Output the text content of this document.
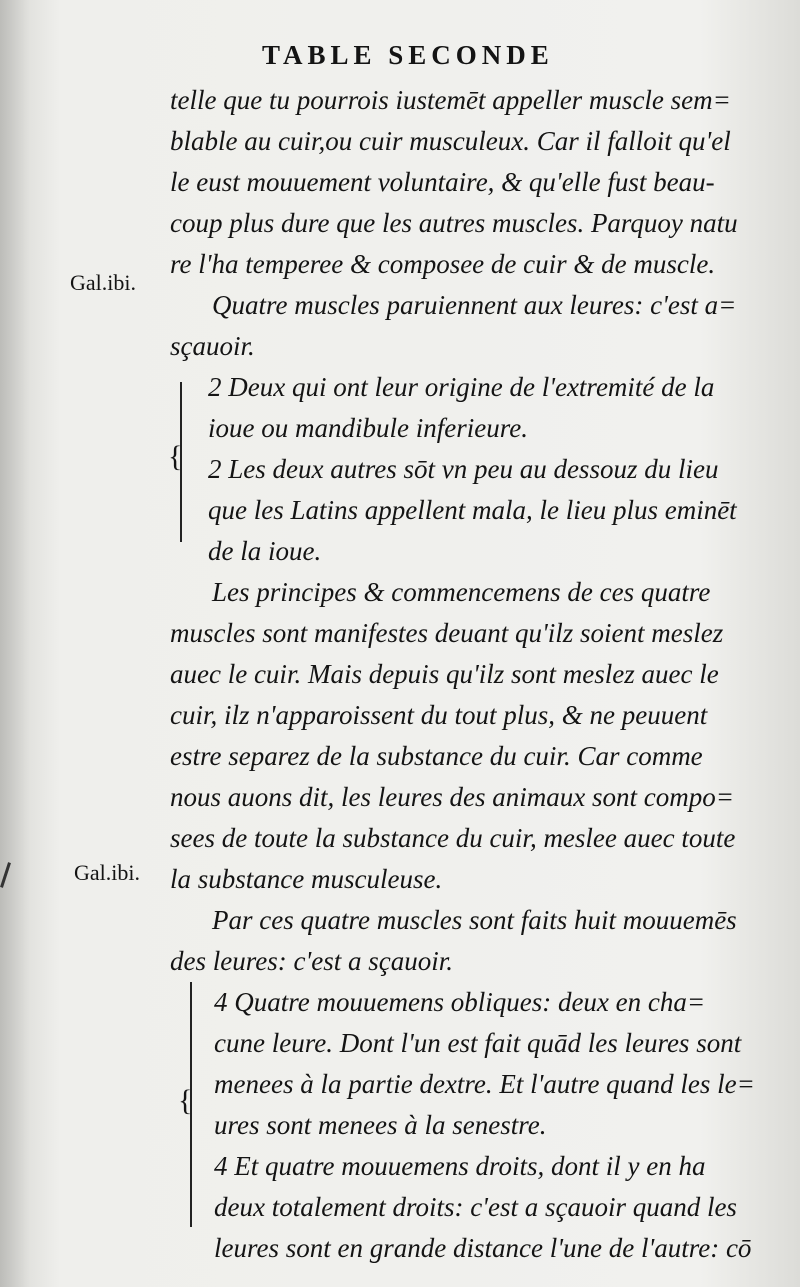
TABLE SECONDE
Gal.ibi.
Gal.ibi.
{
{
telle que tu pourrois iustemēt appeller muscle sem=
blable au cuir,ou cuir musculeux. Car il falloit qu'el
le eust mouuement voluntaire, & qu'elle fust beau-
coup plus dure que les autres muscles. Parquoy natu
re l'ha temperee & composee de cuir & de muscle.
Quatre muscles paruiennent aux leures: c'est a=
sçauoir.
2 Deux qui ont leur origine de l'extremité de la
ioue ou mandibule inferieure.
2 Les deux autres sōt vn peu au dessouz du lieu
que les Latins appellent mala, le lieu plus eminēt
de la ioue.
Les principes & commencemens de ces quatre
muscles sont manifestes deuant qu'ilz soient meslez
auec le cuir. Mais depuis qu'ilz sont meslez auec le
cuir, ilz n'apparoissent du tout plus, & ne peuuent
estre separez de la substance du cuir. Car comme
nous auons dit, les leures des animaux sont compo=
sees de toute la substance du cuir, meslee auec toute
la substance musculeuse.
Par ces quatre muscles sont faits huit mouuemēs
des leures: c'est a sçauoir.
4 Quatre mouuemens obliques: deux en cha=
cune leure. Dont l'un est fait quād les leures sont
menees à la partie dextre. Et l'autre quand les le=
ures sont menees à la senestre.
4 Et quatre mouuemens droits, dont il y en ha
deux totalement droits: c'est a sçauoir quand les
leures sont en grande distance l'une de l'autre: cō
